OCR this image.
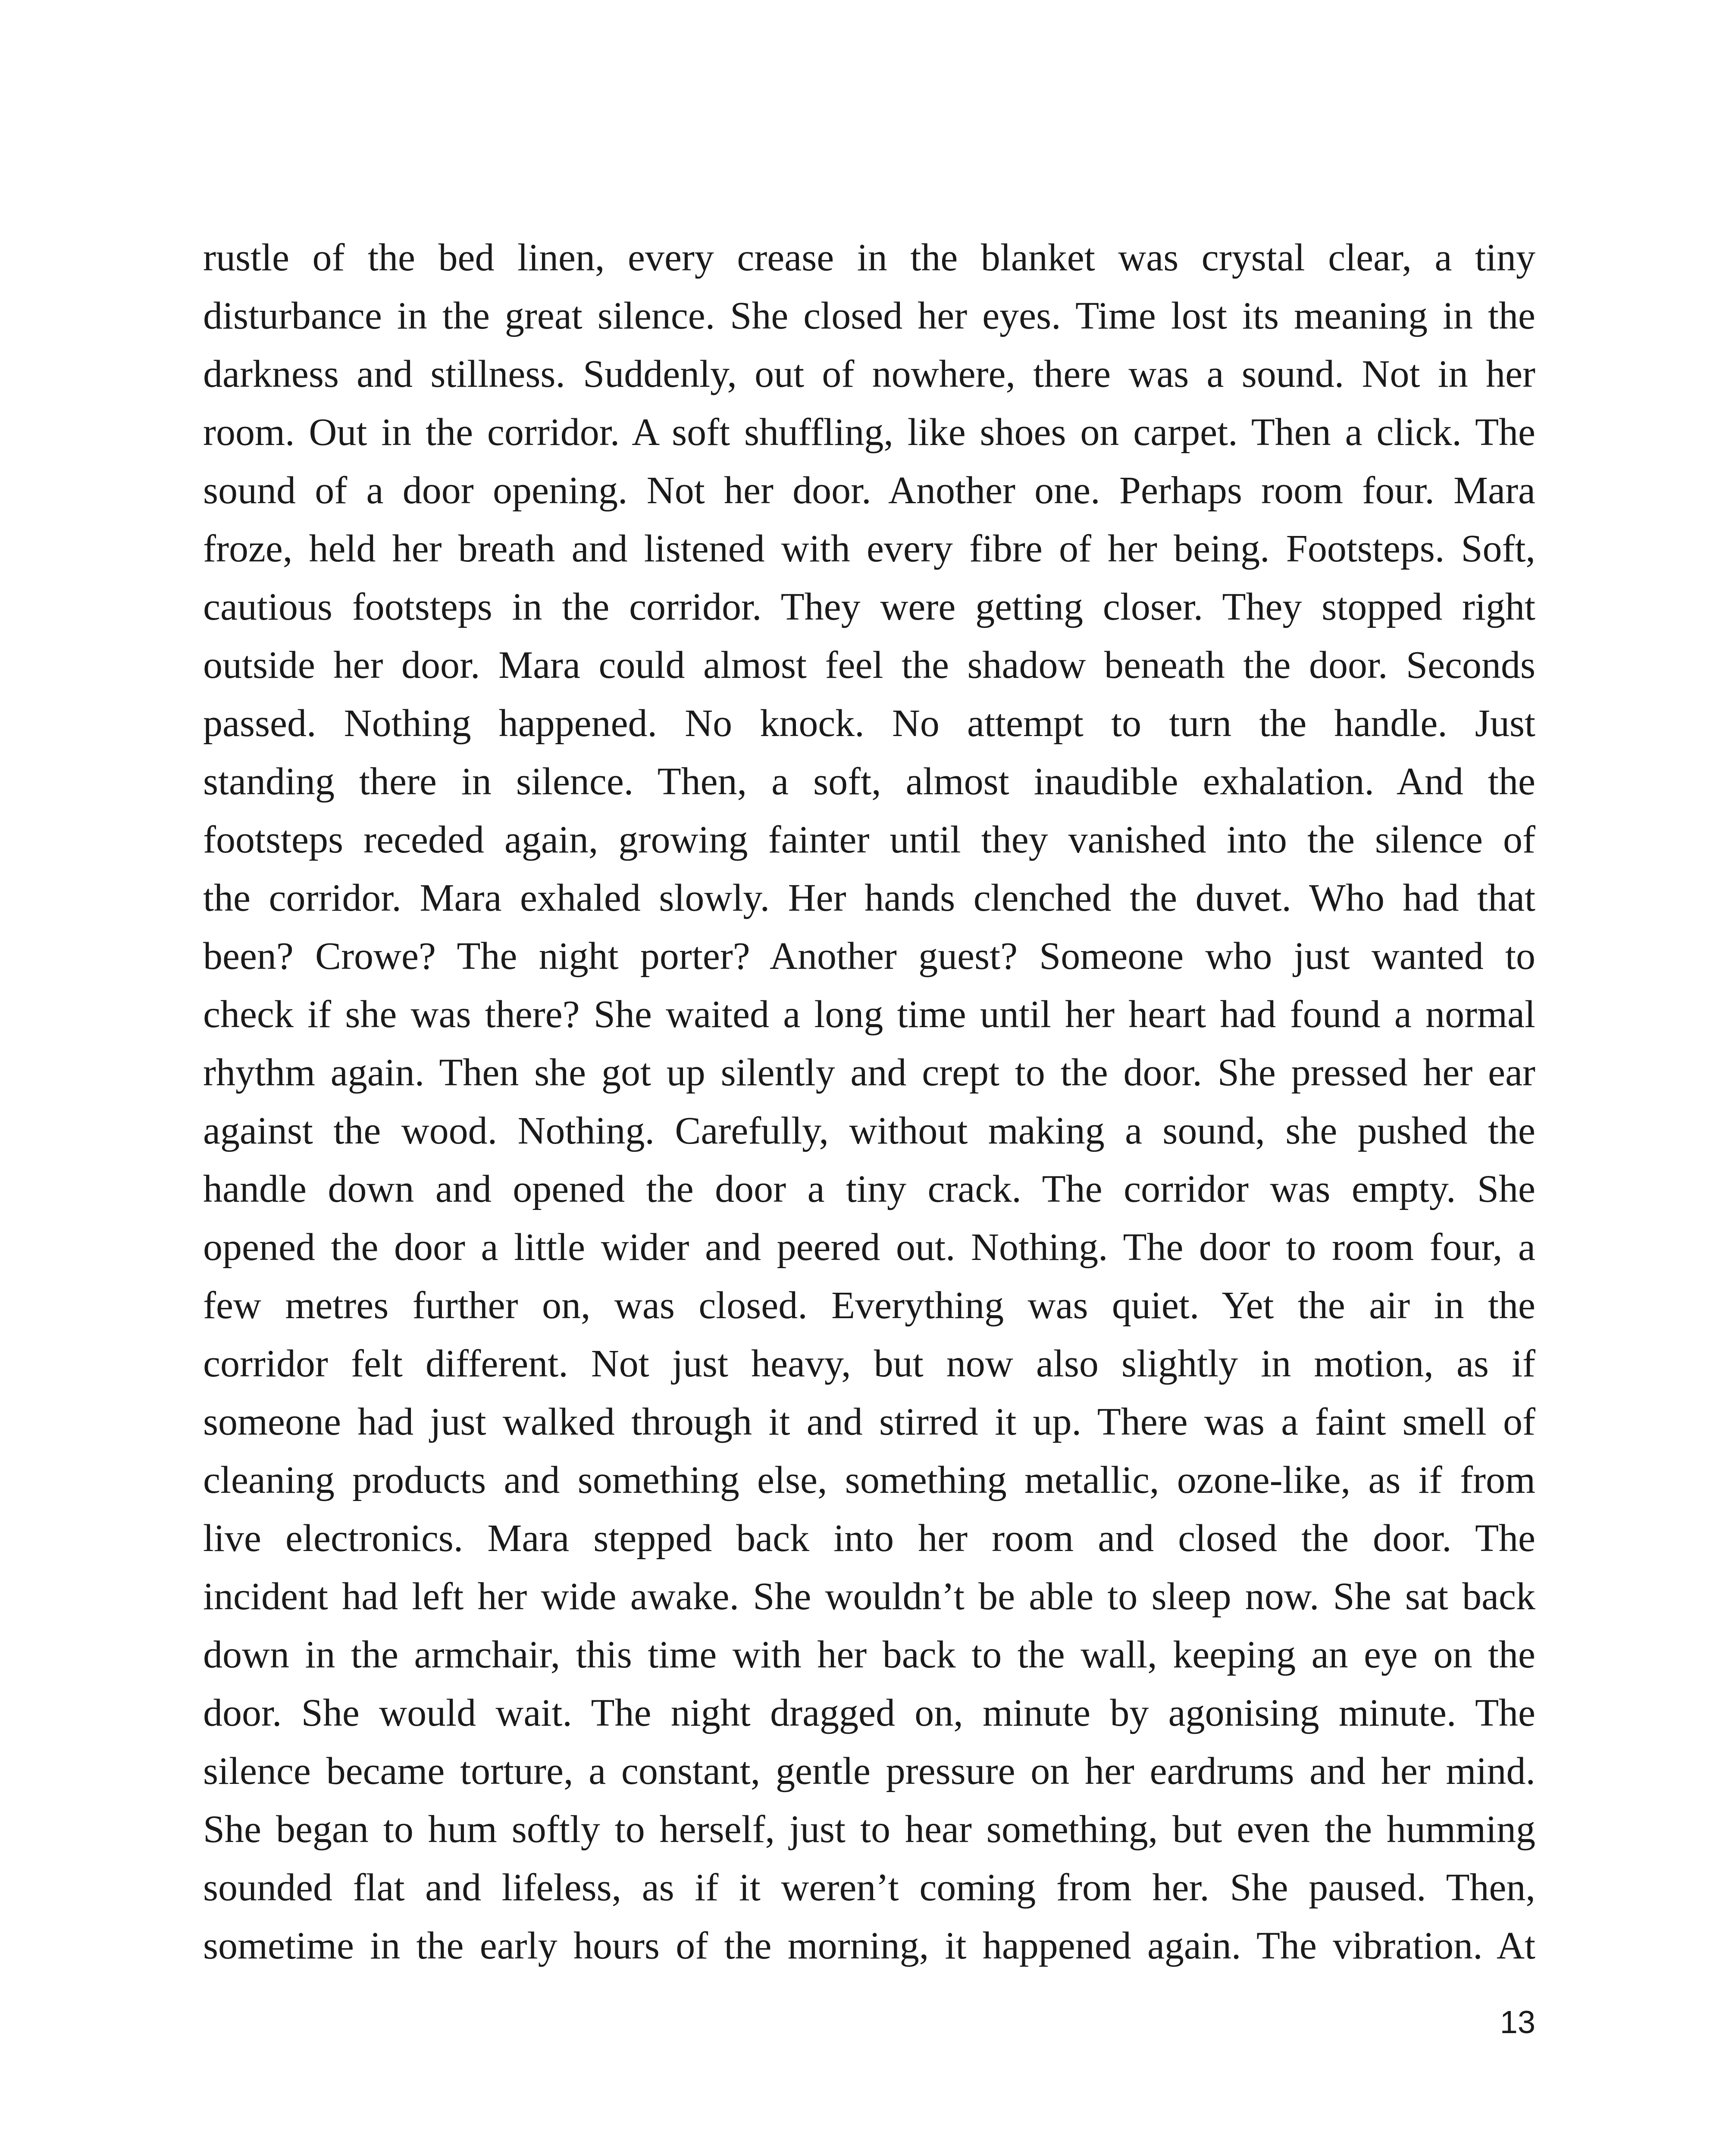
rustle of the bed linen, every crease in the blanket was crystal clear, a tiny
disturbance in the great silence. She closed her eyes. Time lost its meaning in the
darkness and stillness. Suddenly, out of nowhere, there was a sound. Not in her
room. Out in the corridor. A soft shuffling, like shoes on carpet. Then a click. The
sound of a door opening. Not her door. Another one. Perhaps room four. Mara
froze, held her breath and listened with every fibre of her being. Footsteps. Soft,
cautious footsteps in the corridor. They were getting closer. They stopped right
outside her door. Mara could almost feel the shadow beneath the door. Seconds
passed. Nothing happened. No knock. No attempt to turn the handle. Just
standing there in silence. Then, a soft, almost inaudible exhalation. And the
footsteps receded again, growing fainter until they vanished into the silence of
the corridor. Mara exhaled slowly. Her hands clenched the duvet. Who had that
been? Crowe? The night porter? Another guest? Someone who just wanted to
check if she was there? She waited a long time until her heart had found a normal
rhythm again. Then she got up silently and crept to the door. She pressed her ear
against the wood. Nothing. Carefully, without making a sound, she pushed the
handle down and opened the door a tiny crack. The corridor was empty. She
opened the door a little wider and peered out. Nothing. The door to room four, a
few metres further on, was closed. Everything was quiet. Yet the air in the
corridor felt different. Not just heavy, but now also slightly in motion, as if
someone had just walked through it and stirred it up. There was a faint smell of
cleaning products and something else, something metallic, ozone-like, as if from
live electronics. Mara stepped back into her room and closed the door. The
incident had left her wide awake. She wouldn’t be able to sleep now. She sat back
down in the armchair, this time with her back to the wall, keeping an eye on the
door. She would wait. The night dragged on, minute by agonising minute. The
silence became torture, a constant, gentle pressure on her eardrums and her mind.
She began to hum softly to herself, just to hear something, but even the humming
sounded flat and lifeless, as if it weren’t coming from her. She paused. Then,
sometime in the early hours of the morning, it happened again. The vibration. At
13
